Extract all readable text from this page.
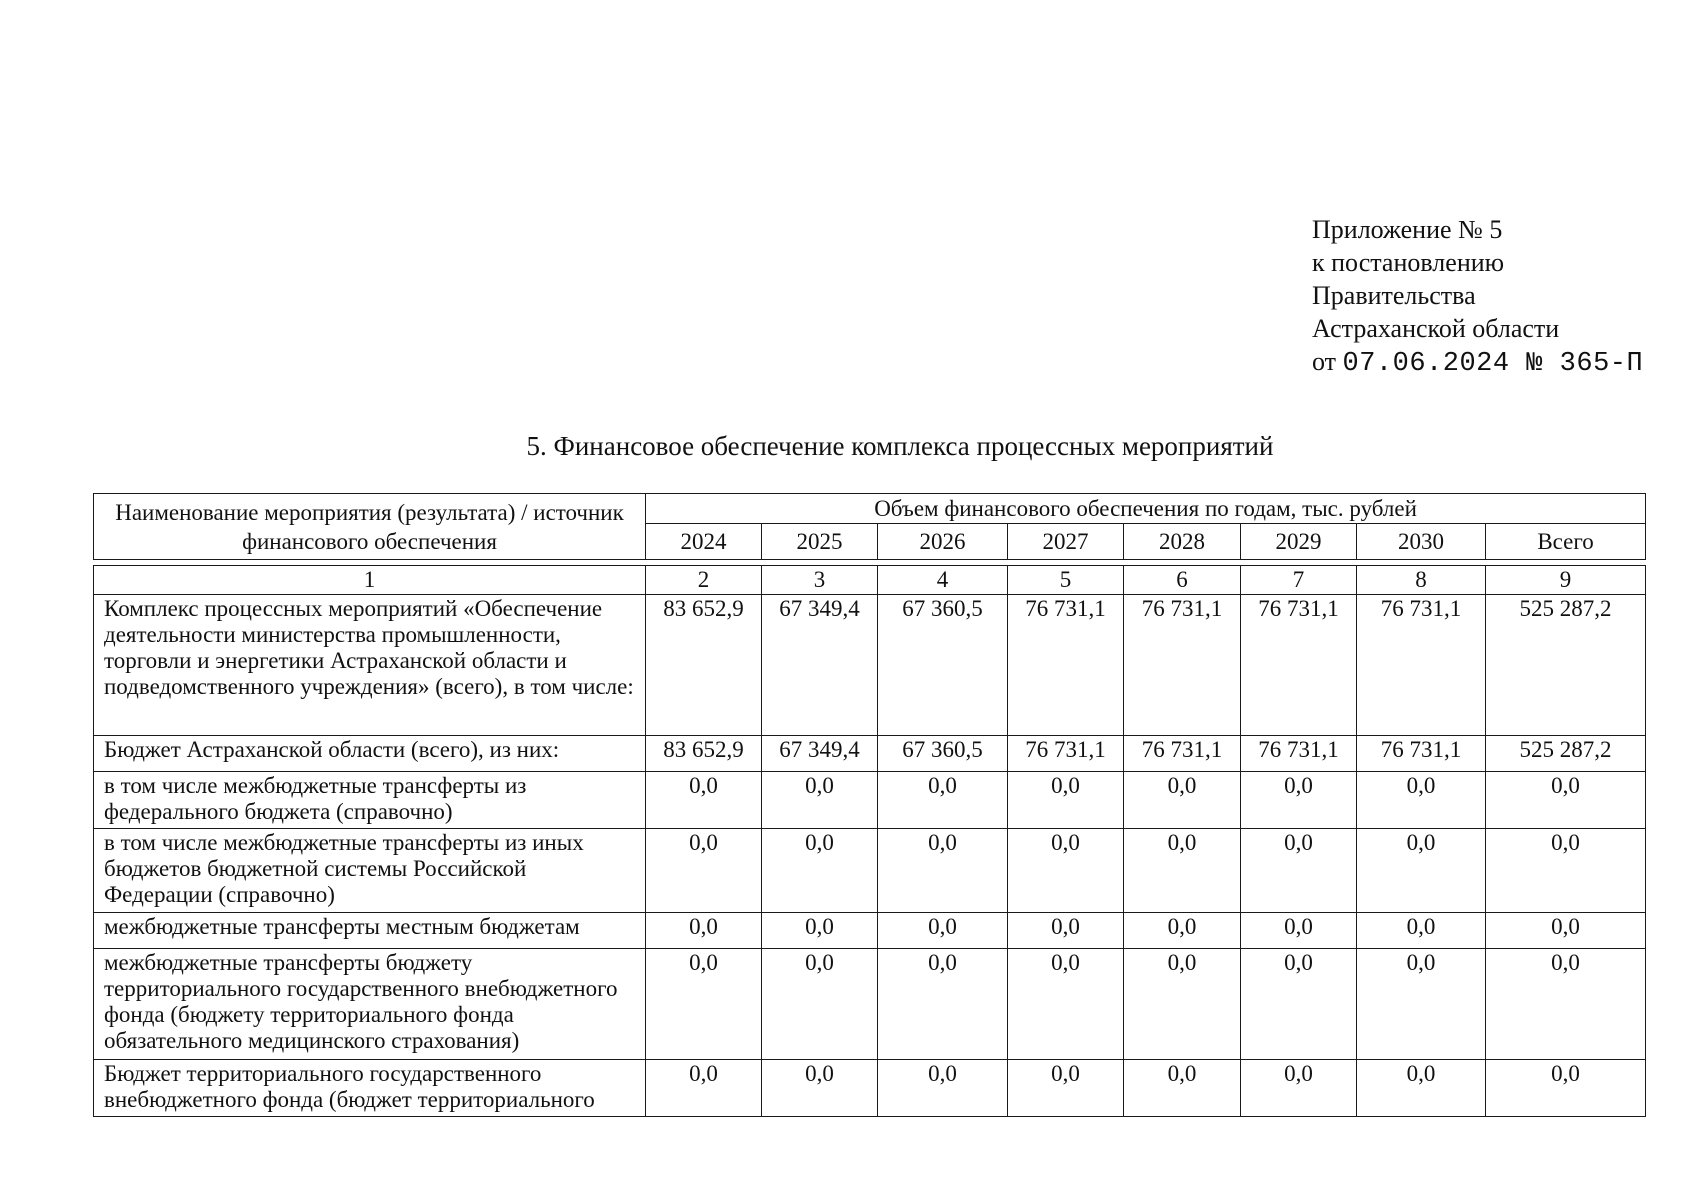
Приложение № 5
к постановлению
Правительства
Астраханской области
от 07.06.2024 № 365-П
5. Финансовое обеспечение комплекса процессных мероприятий
Наименование мероприятия (результата) / источник финансового обеспечения	Объем финансового обеспечения по годам, тыс. рублей							
	2024	2025	2026	2027	2028	2029	2030	Всего

1	2	3	4	5	6	7	8	9
Комплекс процессных мероприятий «Обеспечение деятельности министерства промышленности, торговли и энергетики Астраханской области и подведомственного учреждения» (всего), в том числе:	83 652,9	67 349,4	67 360,5	76 731,1	76 731,1	76 731,1	76 731,1	525 287,2
Бюджет Астраханской области (всего), из них:	83 652,9	67 349,4	67 360,5	76 731,1	76 731,1	76 731,1	76 731,1	525 287,2
в том числе межбюджетные трансферты из федерального бюджета (справочно)	0,0	0,0	0,0	0,0	0,0	0,0	0,0	0,0
в том числе межбюджетные трансферты из иных бюджетов бюджетной системы Российской Федерации (справочно)	0,0	0,0	0,0	0,0	0,0	0,0	0,0	0,0
межбюджетные трансферты местным бюджетам	0,0	0,0	0,0	0,0	0,0	0,0	0,0	0,0
межбюджетные трансферты бюджету территориального государственного внебюджетного фонда (бюджету территориального фонда обязательного медицинского страхования)	0,0	0,0	0,0	0,0	0,0	0,0	0,0	0,0

Бюджет территориального государственного внебюджетного фонда (бюджет территориального	0,0	0,0	0,0	0,0	0,0	0,0	0,0	0,0
